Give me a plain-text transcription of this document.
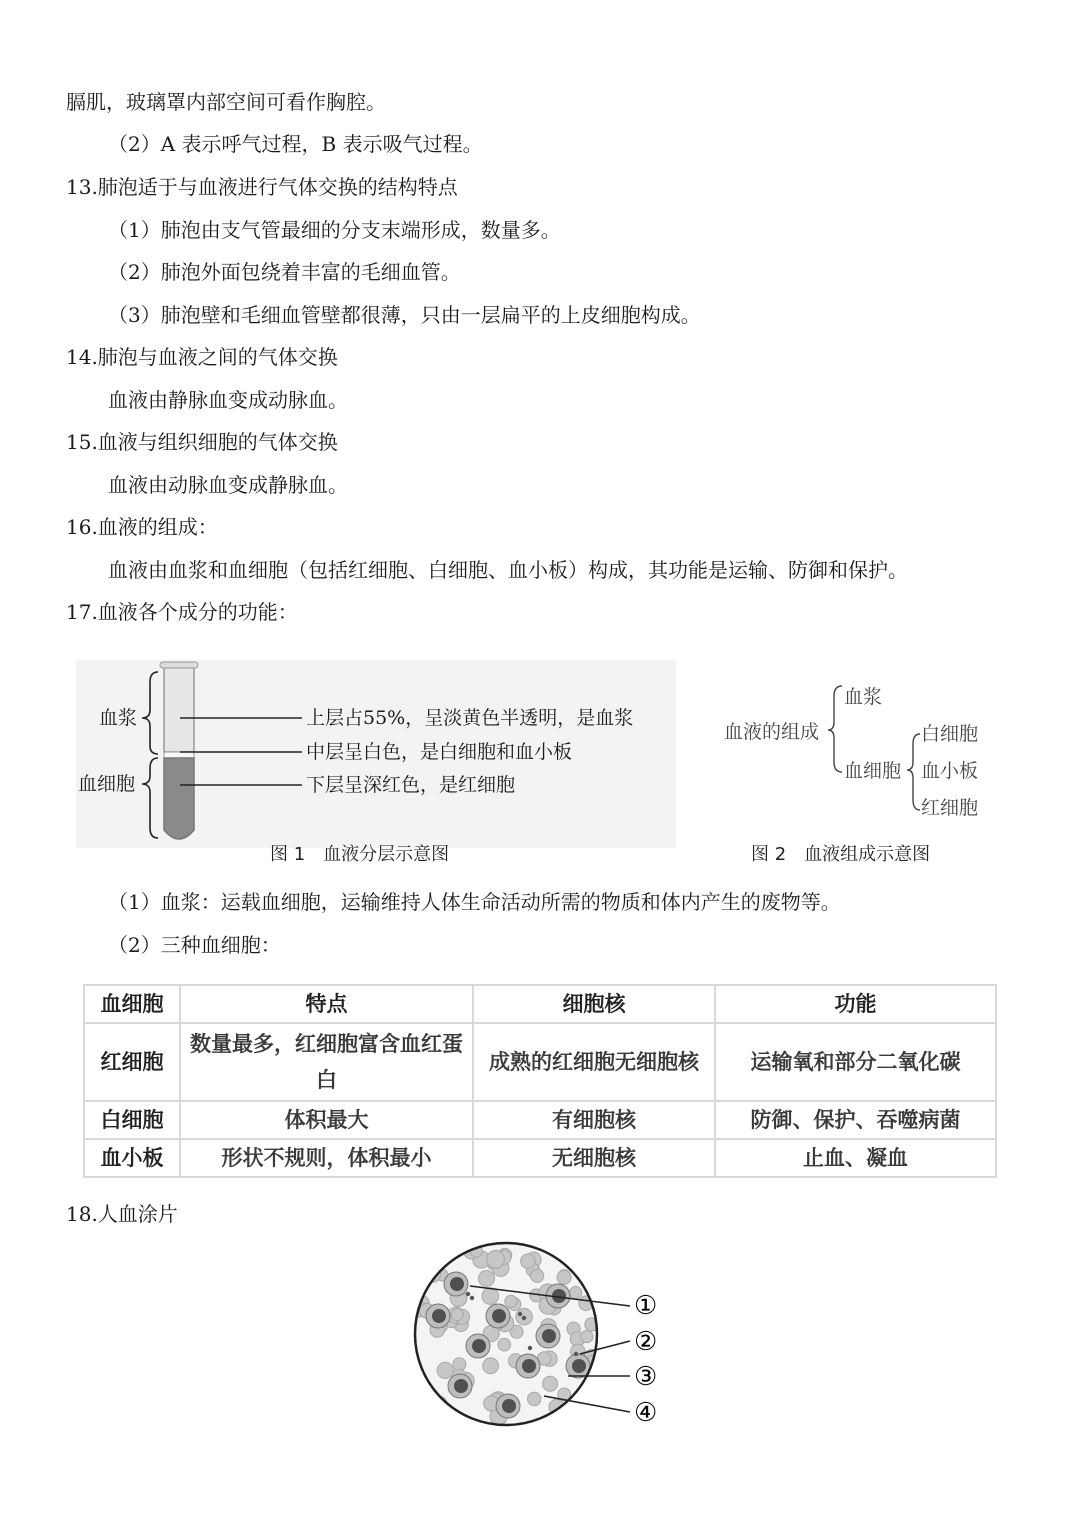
膈肌，玻璃罩内部空间可看作胸腔。
（2）A 表示呼气过程，B 表示吸气过程。
13.肺泡适于与血液进行气体交换的结构特点
（1）肺泡由支气管最细的分支末端形成，数量多。
（2）肺泡外面包绕着丰富的毛细血管。
（3）肺泡壁和毛细血管壁都很薄，只由一层扁平的上皮细胞构成。
14.肺泡与血液之间的气体交换
血液由静脉血变成动脉血。
15.血液与组织细胞的气体交换
血液由动脉血变成静脉血。
16.血液的组成：
血液由血浆和血细胞（包括红细胞、白细胞、血小板）构成，其功能是运输、防御和保护。
17.血液各个成分的功能：
血浆
血细胞
上层占55%，呈淡黄色半透明，是血浆
中层呈白色，是白细胞和血小板
下层呈深红色，是红细胞
图 1　血液分层示意图
血液的组成
血浆
血细胞
白细胞
血小板
红细胞
图 2　血液组成示意图
（1）血浆：运载血细胞，运输维持人体生命活动所需的物质和体内产生的废物等。
（2）三种血细胞：
血细胞	特点	细胞核	功能
红细胞	数量最多，红细胞富含血红蛋白	成熟的红细胞无细胞核	运输氧和部分二氧化碳
白细胞	体积最大	有细胞核	防御、保护、吞噬病菌
血小板	形状不规则，体积最小	无细胞核	止血、凝血
18.人血涂片
①
②
③
④
